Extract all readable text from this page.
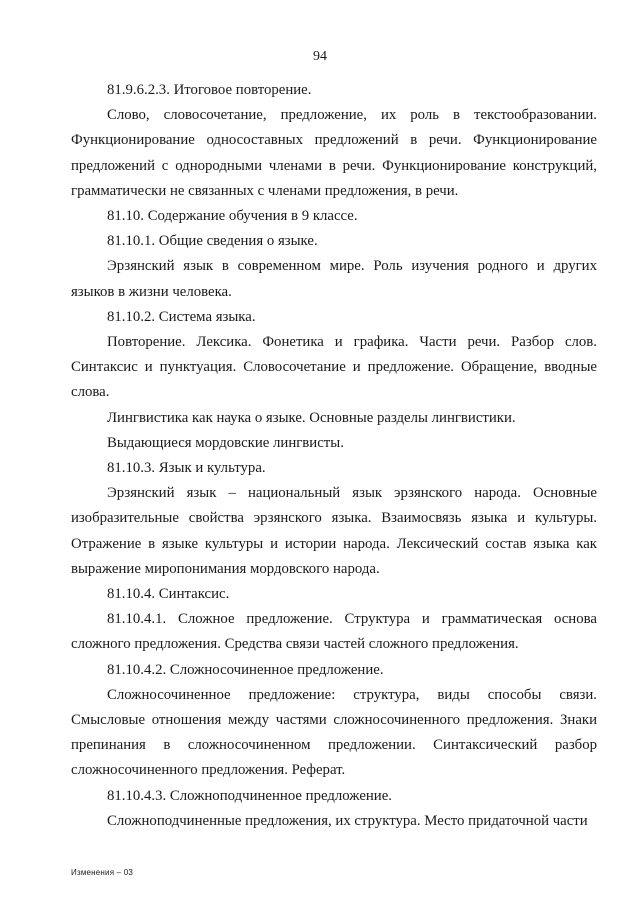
94

81.9.6.2.3. Итоговое повторение.

Слово, словосочетание, предложение, их роль в текстообразовании. Функционирование односоставных предложений в речи. Функционирование предложений с однородными членами в речи. Функционирование конструкций, грамматически не связанных с членами предложения, в речи.

81.10. Содержание обучения в 9 классе.

81.10.1. Общие сведения о языке.

Эрзянский язык в современном мире. Роль изучения родного и других языков в жизни человека.

81.10.2. Система языка.

Повторение. Лексика. Фонетика и графика. Части речи. Разбор слов. Синтаксис и пунктуация. Словосочетание и предложение. Обращение, вводные слова.

Лингвистика как наука о языке. Основные разделы лингвистики.

Выдающиеся мордовские лингвисты.

81.10.3. Язык и культура.

Эрзянский язык – национальный язык эрзянского народа. Основные изобразительные свойства эрзянского языка. Взаимосвязь языка и культуры. Отражение в языке культуры и истории народа. Лексический состав языка как выражение миропонимания мордовского народа.

81.10.4. Синтаксис.

81.10.4.1. Сложное предложение. Структура и грамматическая основа сложного предложения. Средства связи частей сложного предложения.

81.10.4.2. Сложносочиненное предложение.

Сложносочиненное предложение: структура, виды способы связи. Смысловые отношения между частями сложносочиненного предложения. Знаки препинания в сложносочиненном предложении. Синтаксический разбор сложносочиненного предложения. Реферат.

81.10.4.3. Сложноподчиненное предложение.

Сложноподчиненные предложения, их структура. Место придаточной части

Изменения – 03
